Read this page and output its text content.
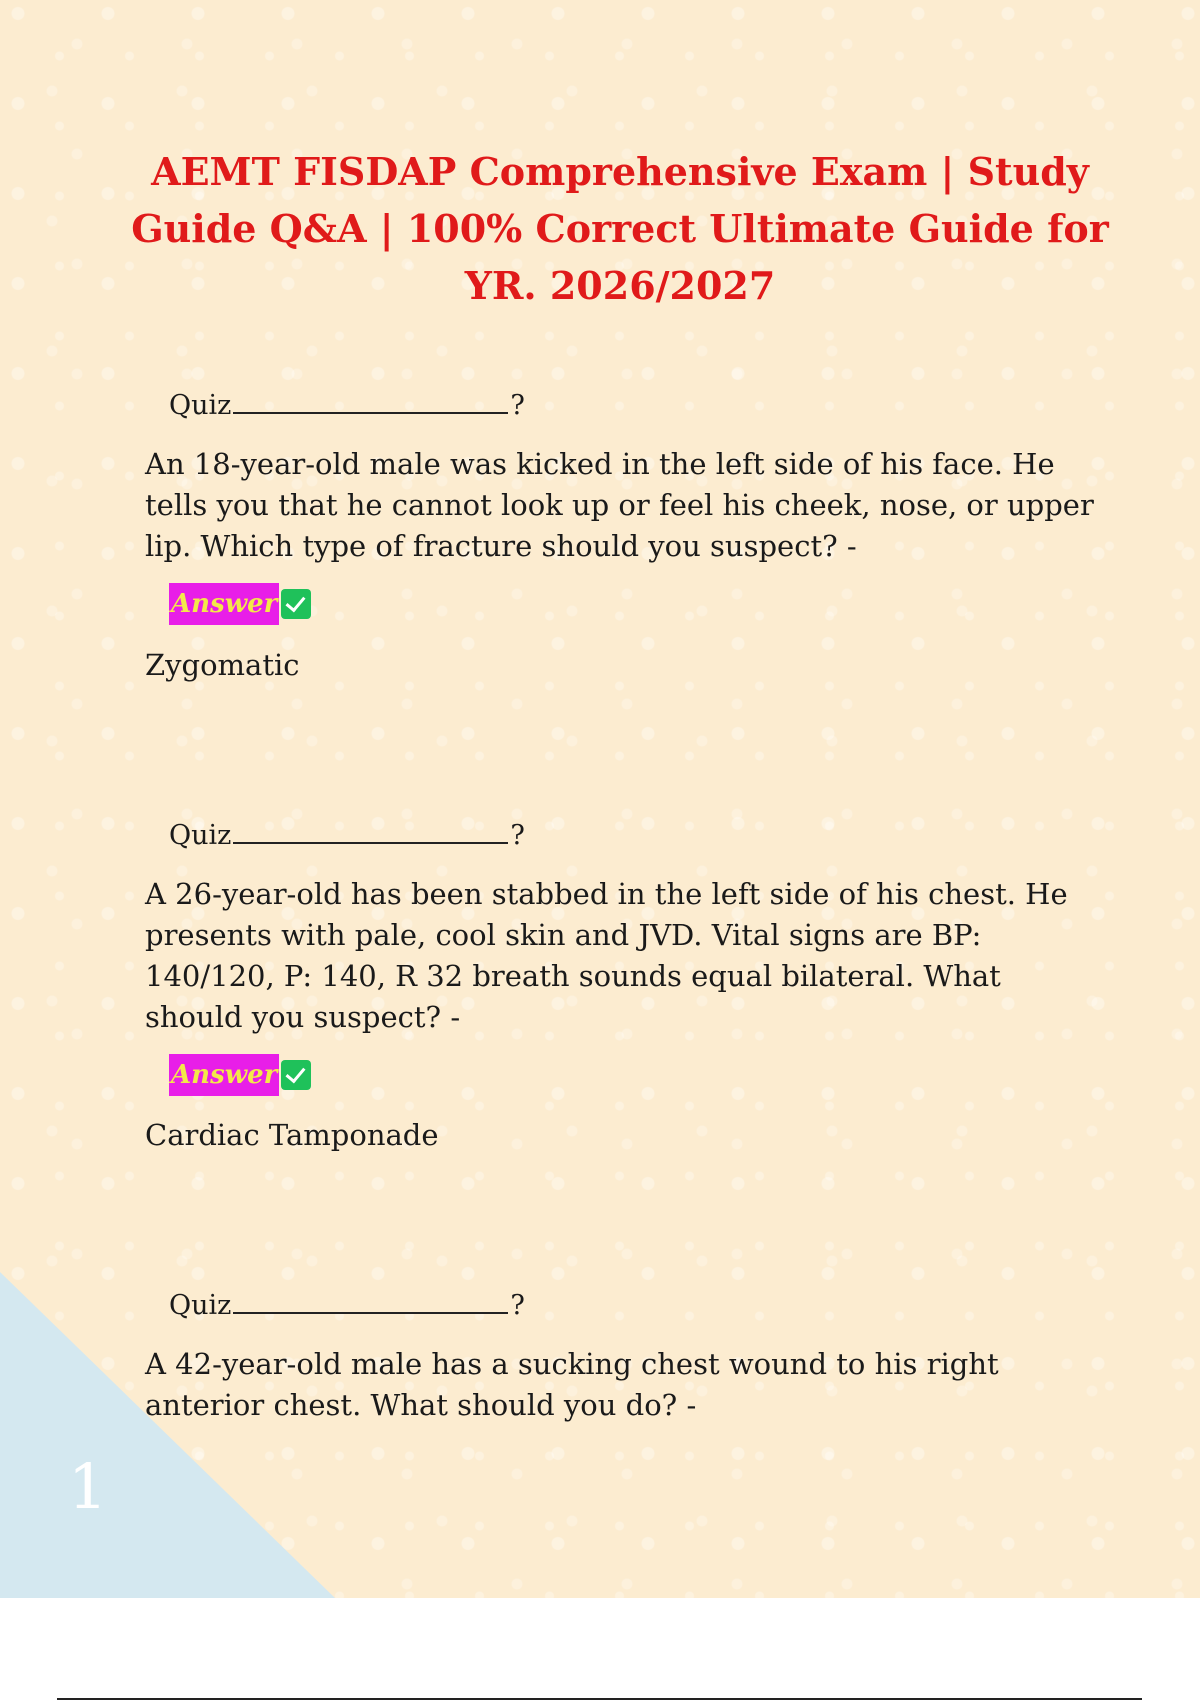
AEMT FISDAP Comprehensive Exam | Study Guide Q&A | 100% Correct Ultimate Guide for YR. 2026/2027
Quiz	?

An 18-year-old male was kicked in the left side of his face. He tells you that he cannot look up or feel his cheek, nose, or upper lip. Which type of fracture should you suspect? -

Answer

Zygomatic

Quiz	?

A 26-year-old has been stabbed in the left side of his chest. He presents with pale, cool skin and JVD. Vital signs are BP: 140/120, P: 140, R 32 breath sounds equal bilateral. What should you suspect? -

Answer

Cardiac Tamponade

Quiz	?

A 42-year-old male has a sucking chest wound to his right anterior chest. What should you do? -

1
